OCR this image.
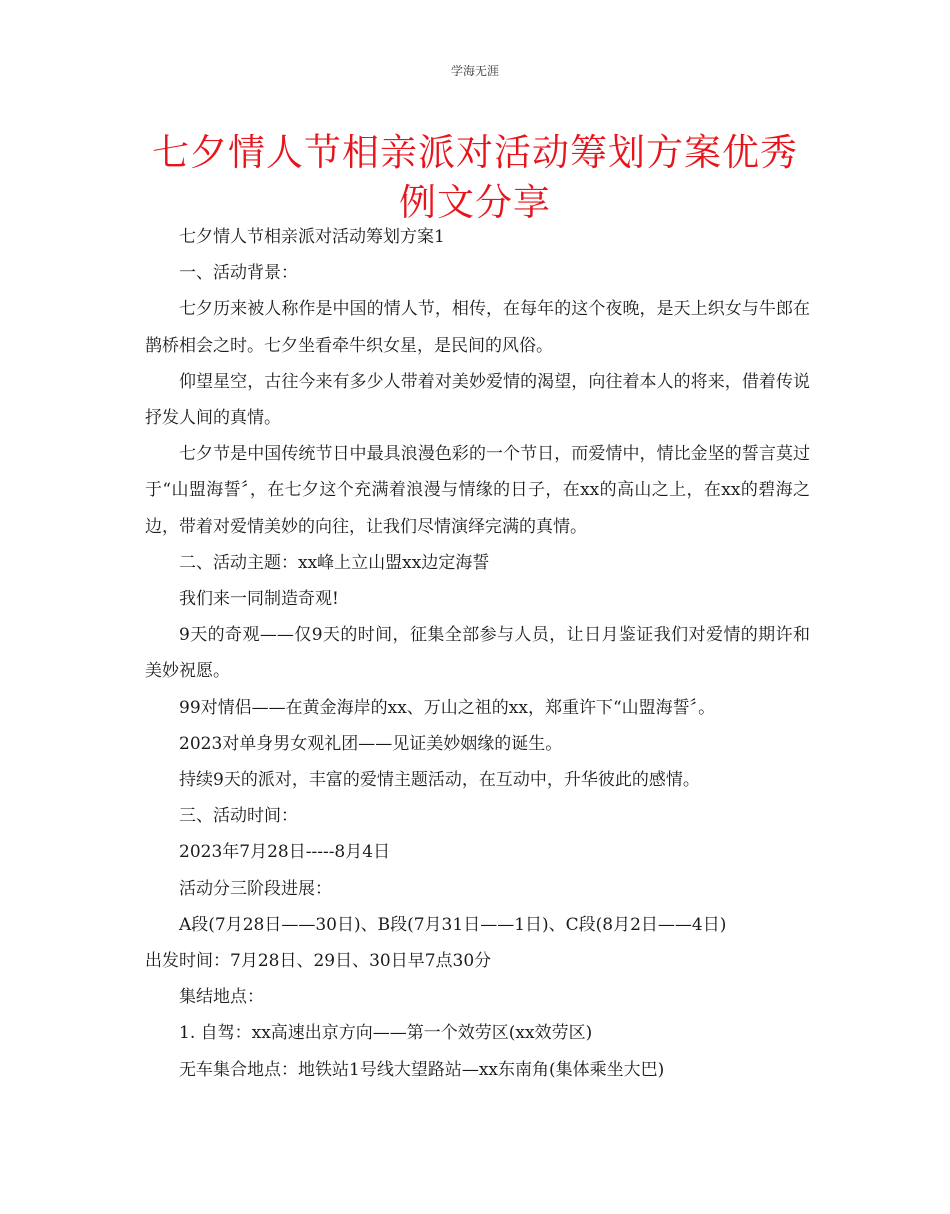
学海无涯
七夕情人节相亲派对活动筹划方案优秀例文分享

七夕情人节相亲派对活动筹划方案1

一、活动背景：

七夕历来被人称作是中国的情人节，相传，在每年的这个夜晚，是天上织女与牛郎在鹊桥相会之时。七夕坐看牵牛织女星，是民间的风俗。

仰望星空，古往今来有多少人带着对美妙爱情的渴望，向往着本人的将来，借着传说抒发人间的真情。

七夕节是中国传统节日中最具浪漫色彩的一个节日，而爱情中，情比金坚的誓言莫过于“山盟海誓〞，在七夕这个充满着浪漫与情缘的日子，在xx的高山之上，在xx的碧海之边，带着对爱情美妙的向往，让我们尽情演绎完满的真情。

二、活动主题：xx峰上立山盟xx边定海誓

我们来一同制造奇观!

9天的奇观——仅9天的时间，征集全部参与人员，让日月鉴证我们对爱情的期许和美妙祝愿。

99对情侣——在黄金海岸的xx、万山之祖的xx，郑重许下“山盟海誓〞。

2023对单身男女观礼团——见证美妙姻缘的诞生。

持续9天的派对，丰富的爱情主题活动，在互动中，升华彼此的感情。

三、活动时间：

2023年7月28日-----8月4日

活动分三阶段进展：

A段(7月28日——30日)、B段(7月31日——1日)、C段(8月2日——4日)

出发时间：7月28日、29日、30日早7点30分

集结地点：

1. 自驾：xx高速出京方向——第一个效劳区(xx效劳区)

无车集合地点：地铁站1号线大望路站—xx东南角(集体乘坐大巴)
